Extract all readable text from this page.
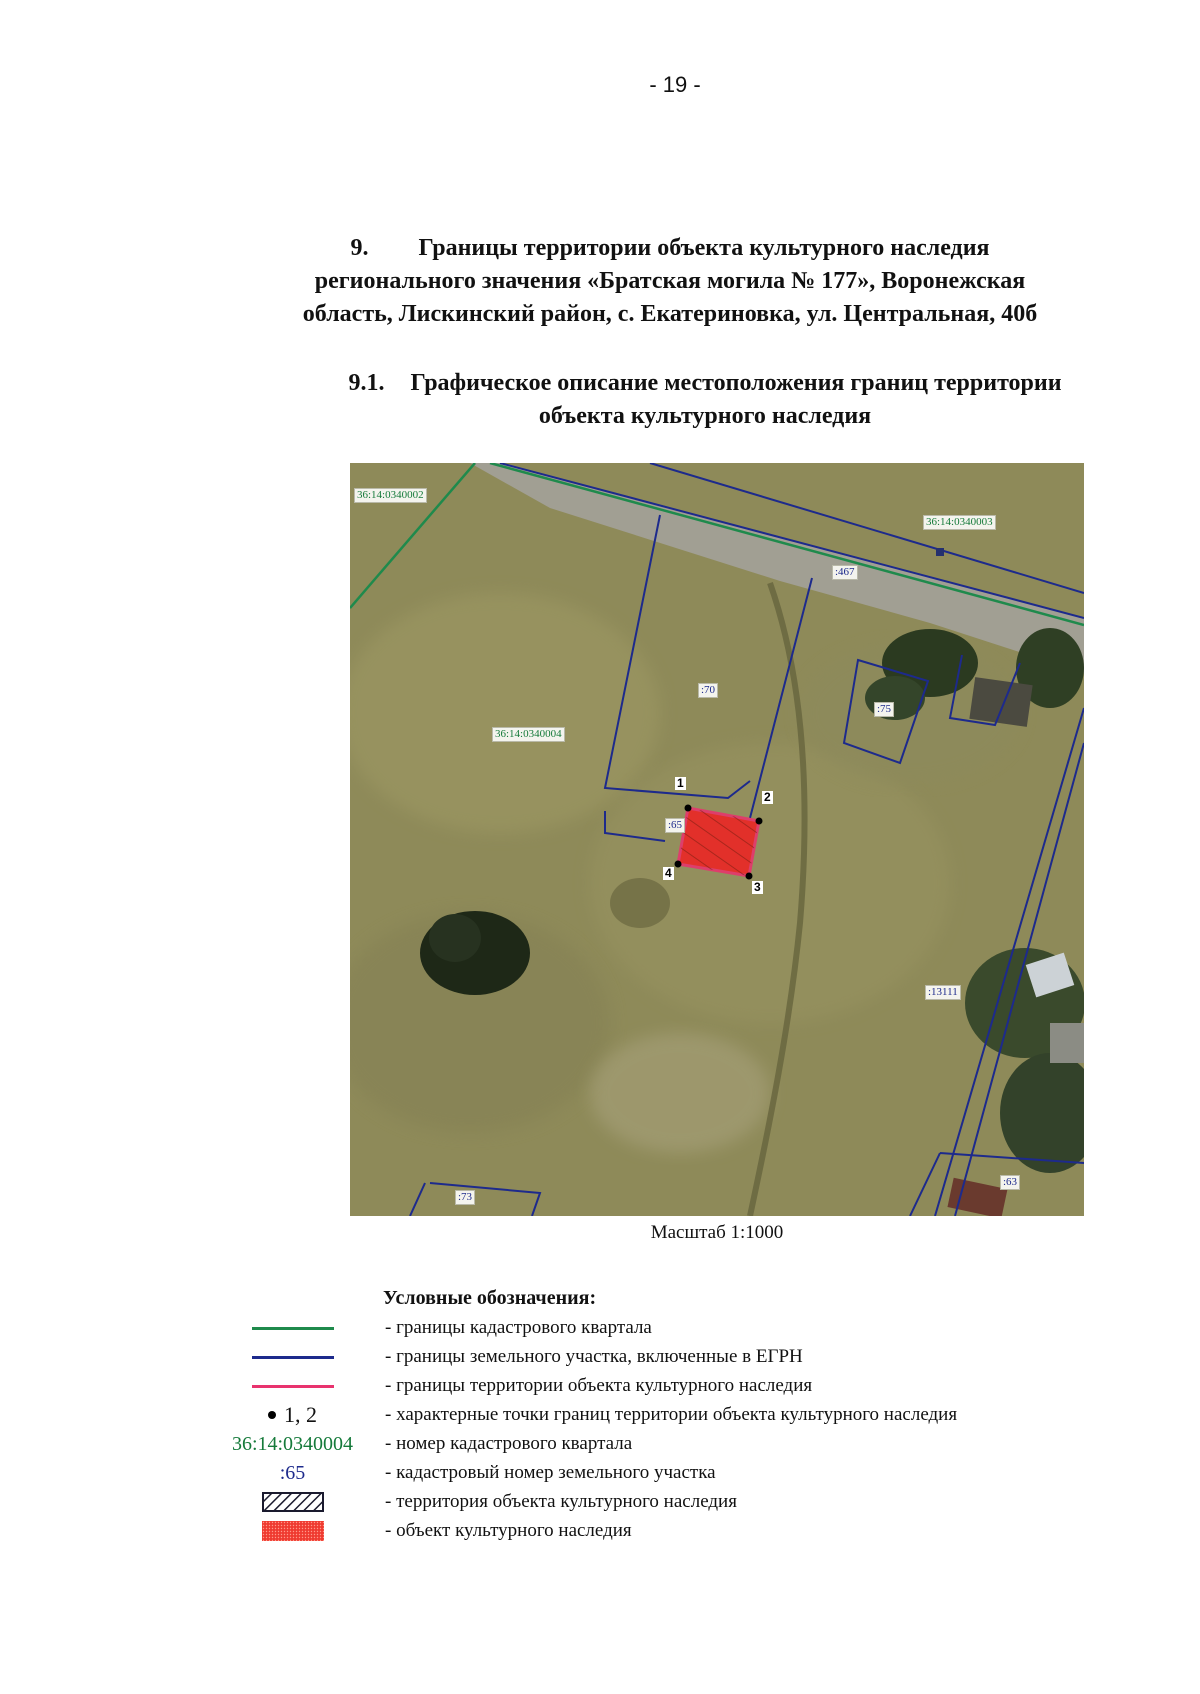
- 19 -
9. Границы территории объекта культурного наследия
регионального значения «Братская могила № 177», Воронежская
область, Лискинский район, с. Екатериновка, ул. Центральная, 40б
9.1. Графическое описание местоположения границ территории
объекта культурного наследия
36:14:0340002
36:14:0340003
36:14:0340004
:467
:70
:75
:65
:13111
:73
:63
1
2
3
4
Масштаб 1:1000
Условные обозначения:
- границы кадастрового квартала
- границы земельного участка, включенные в ЕГРН
- границы территории объекта культурного наследия
1, 2	- характерные точки границ территории объекта культурного наследия
36:14:0340004 - номер кадастрового квартала
:65	- кадастровый номер земельного участка
- территория объекта культурного наследия
- объект культурного наследия
